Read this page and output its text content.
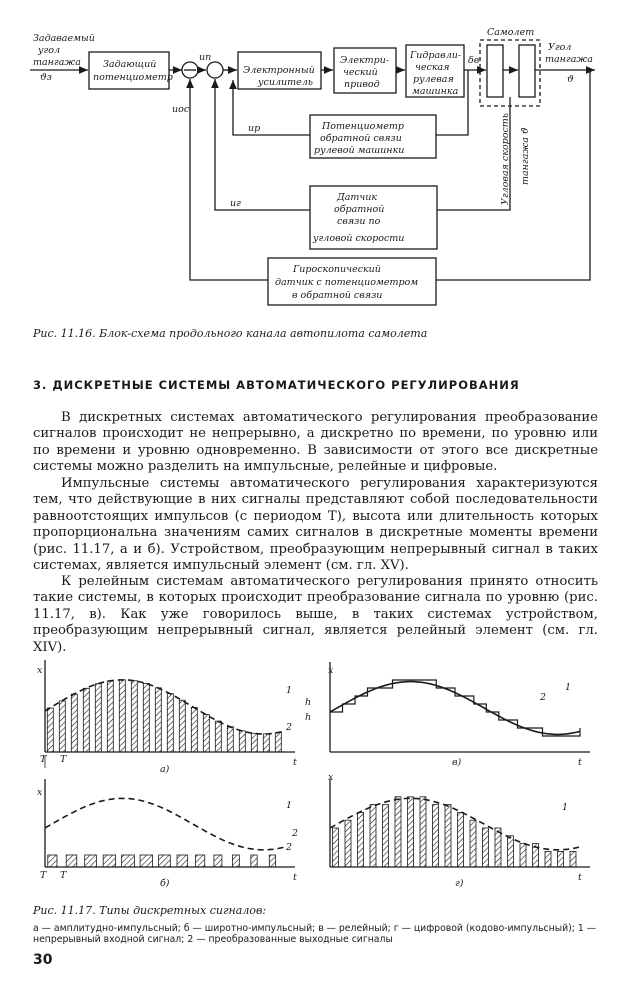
Задаваемый
угол
тангажа
ϑз
Задающий
потенциометр
uп
uос
Электронный
усилитель
Электри-
ческий
привод
Гидравли-
ческая
рулевая
машинка
δв
Самолет
Угол
тангажа
ϑ
Потенциометр
обратной связи
рулевой машинки
uр
Датчик
обратной
связи по
угловой скорости
uг	Угловая скорость тангажа ϑ̇
Гироскопический
датчик с потенциометром
в обратной связи
Рис. 11.16. Блок-схема продольного канала автопилота самолета
3. ДИСКРЕТНЫЕ СИСТЕМЫ АВТОМАТИЧЕСКОГО РЕГУЛИРОВАНИЯ
В дискретных системах автоматического регулирования преобразование сигналов происходит не непрерывно, а дискретно по времени, по уровню или по времени и уровню одновременно. В зависимости от этого все дискретные системы можно разделить на импульсные, релейные и цифровые.
Импульсные системы автоматического регулирования характеризуются тем, что действующие в них сигналы представляют собой последовательности равноотстоящих импульсов (с периодом T), высота или длительность которых пропорциональна значениям самих сигналов в дискретные моменты времени (рис. 11.17, а и б). Устройством, преобразующим непрерывный сигнал в таких системах, является импульсный элемент (см. гл. XV).
К релейным системам автоматического регулирования принято относить такие системы, в которых происходит преобразование сигнала по уровню (рис. 11.17, в). Как уже говорилось выше, в таких системах устройством, преобразующим непрерывный сигнал, является релейный элемент (см. гл. XIV).
x
t
T T
1
2
а)
x
t
T T
1
2
б)
x
t
h
h
1
2
в)
x
t
1
2
г)
Рис. 11.17. Типы дискретных сигналов:
а — амплитудно-импульсный; б — широтно-импульсный; в — релейный; г — цифровой (кодово-импульсный); 1 — непрерывный входной сигнал; 2 — преобразованные выходные сигналы
30
